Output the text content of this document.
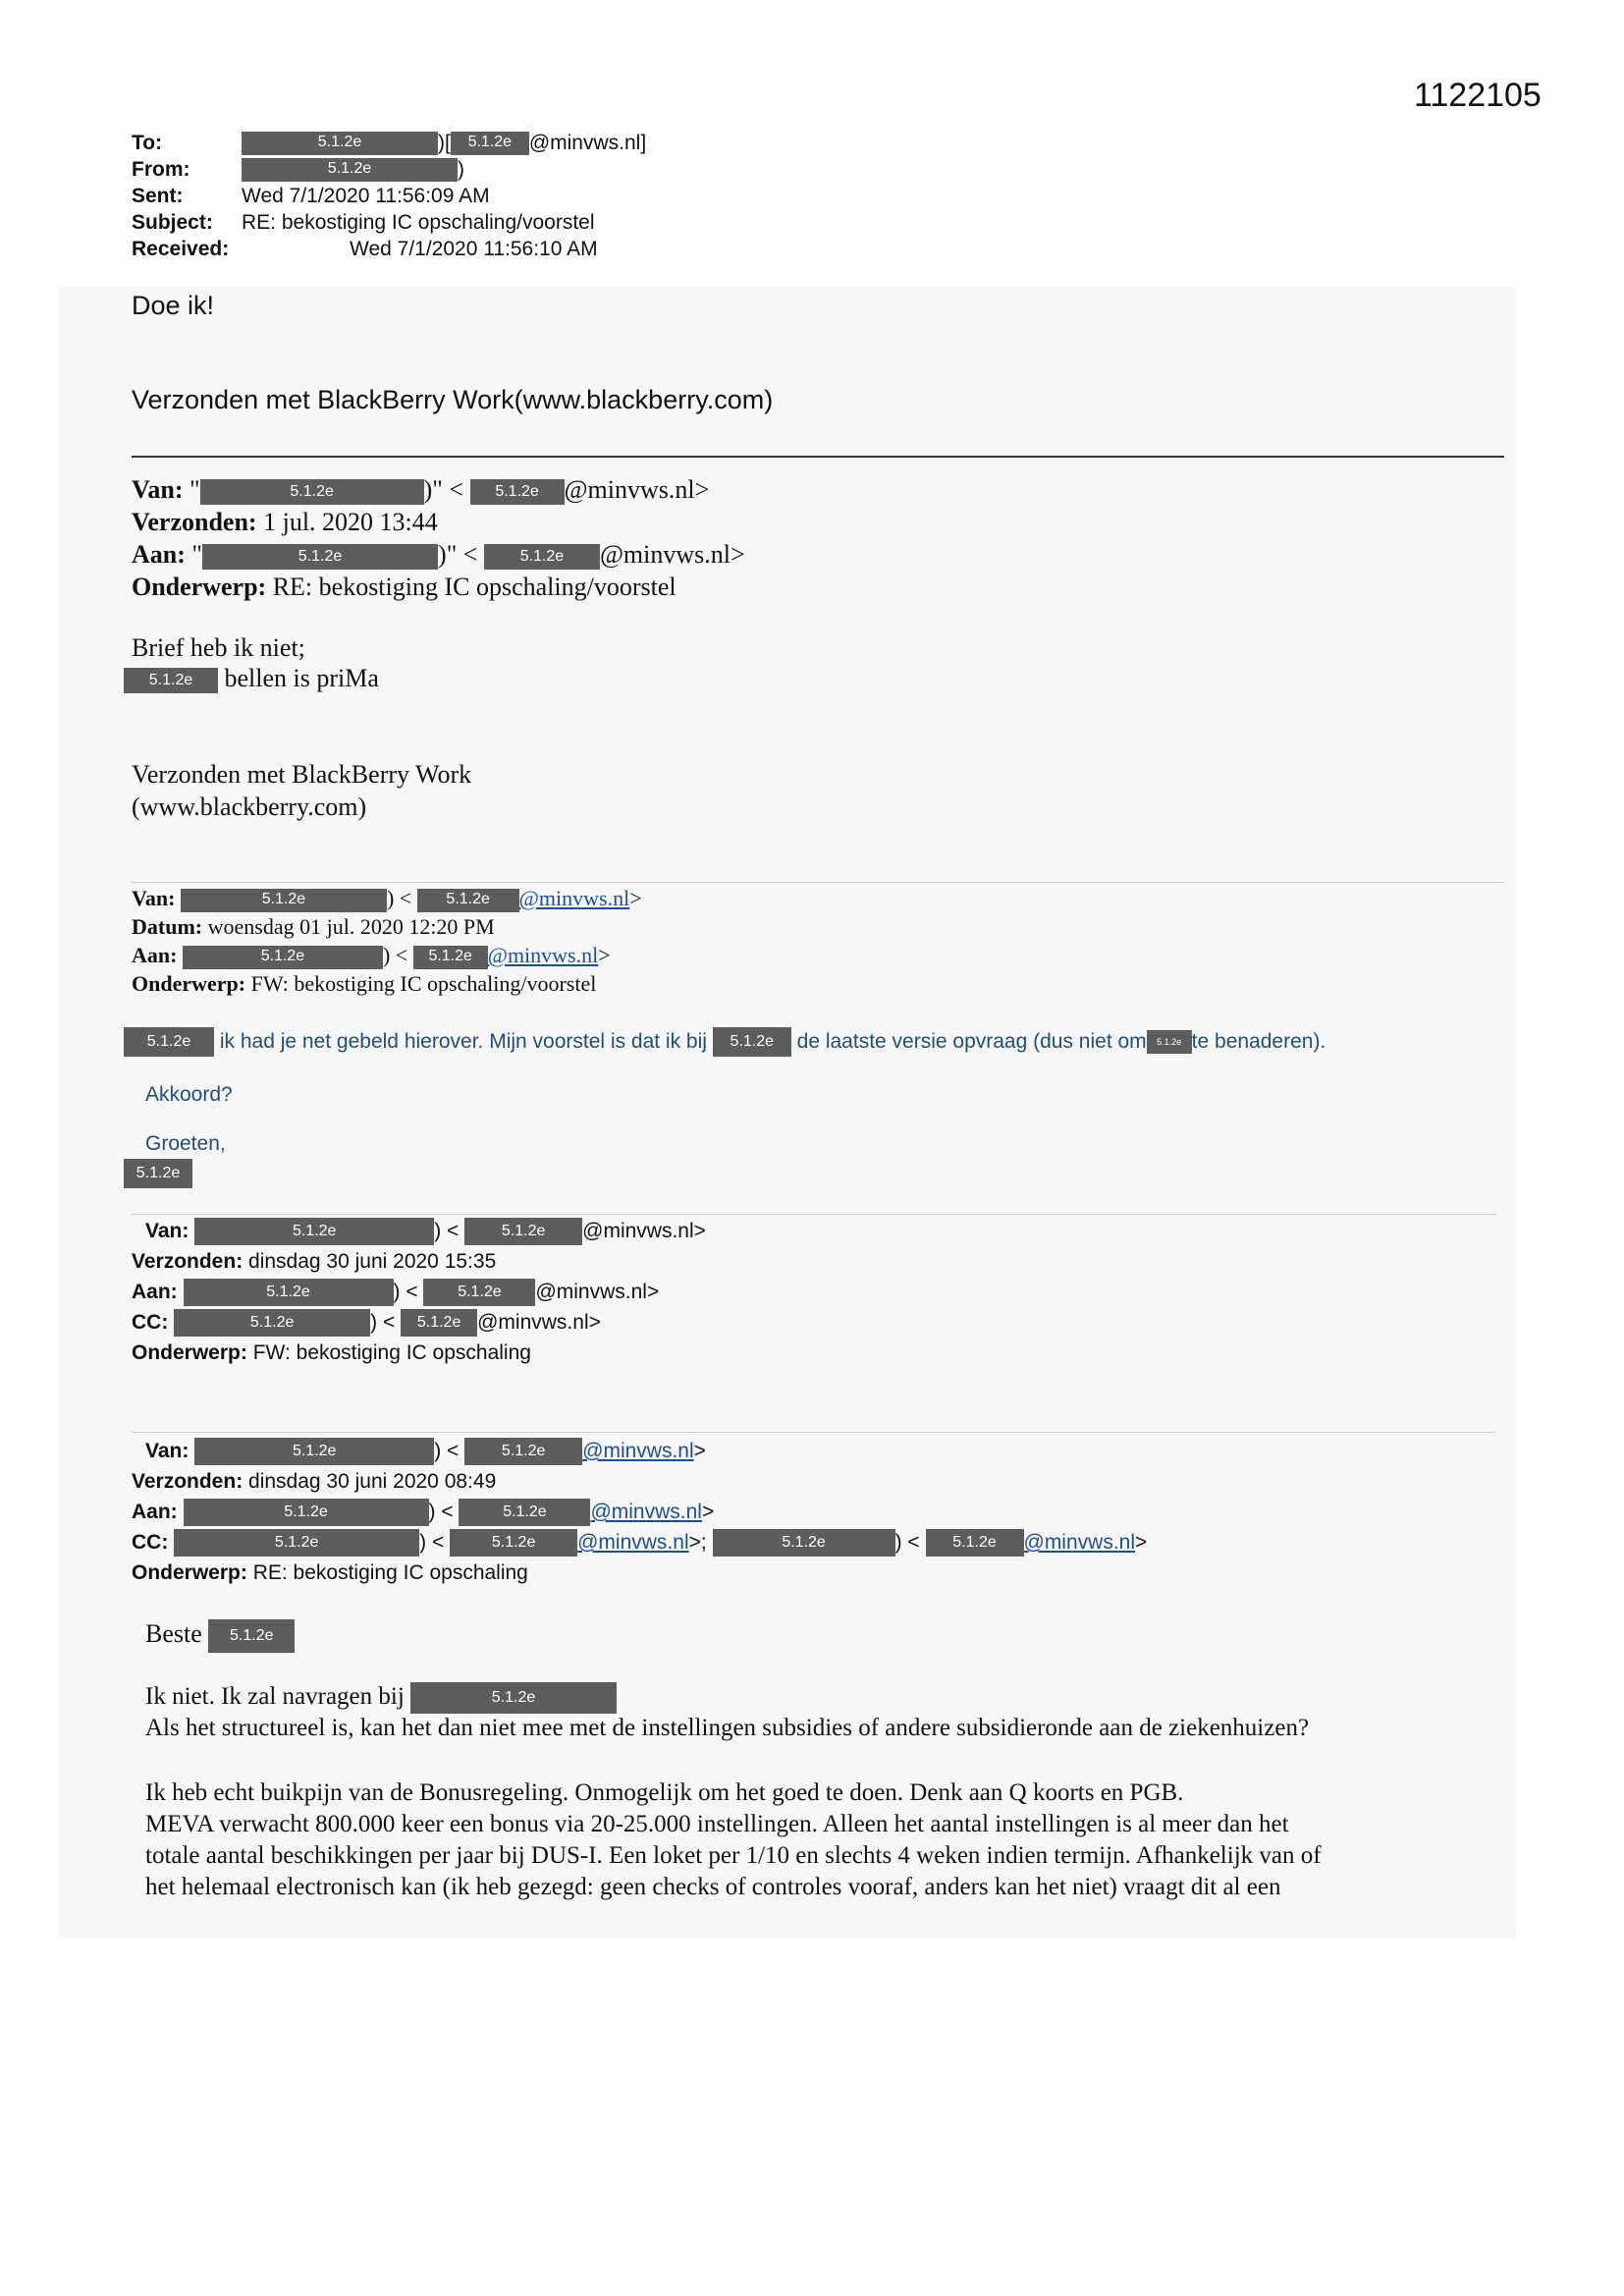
1122105
To:	5.1.2e	)[ 5.1.2e @minvws.nl]
From:	5.1.2e	)
Sent:	Wed 7/1/2020 11:56:09 AM
Subject: RE: bekostiging IC opschaling/voorstel
Received:	Wed 7/1/2020 11:56:10 AM
Doe ik!
Verzonden met BlackBerry Work(www.blackberry.com)
Van: "	5.1.2e	)" < 5.1.2e @minvws.nl>
Verzonden: 1 jul. 2020 13:44
Aan: "	5.1.2e	)" < 5.1.2e @minvws.nl>
Onderwerp: RE: bekostiging IC opschaling/voorstel
Brief heb ik niet;
5.1.2e bellen is priMa
Verzonden met BlackBerry Work
(www.blackberry.com)
Van:	5.1.2e	) < 5.1.2e @minvws.nl>
Datum: woensdag 01 jul. 2020 12:20 PM
Aan:	5.1.2e	) < 5.1.2e @minvws.nl>
Onderwerp: FW: bekostiging IC opschaling/voorstel
5.1.2e ik had je net gebeld hierover. Mijn voorstel is dat ik bij 5.1.2e de laatste versie opvraag (dus niet om 5.1.2e te benaderen).
Akkoord?
Groeten,
5.1.2e
Van:	5.1.2e	) < 5.1.2e @minvws.nl>
Verzonden: dinsdag 30 juni 2020 15:35
Aan:	5.1.2e	) < 5.1.2e @minvws.nl>
CC:	5.1.2e	) < 5.1.2e @minvws.nl>
Onderwerp: FW: bekostiging IC opschaling
Van:	5.1.2e	) < 5.1.2e @minvws.nl>
Verzonden: dinsdag 30 juni 2020 08:49
Aan:	5.1.2e	) <	5.1.2e @minvws.nl>
CC:	5.1.2e	) <	5.1.2e @minvws.nl>;	5.1.2e	) < 5.1.2e @minvws.nl>
Onderwerp: RE: bekostiging IC opschaling
Beste 5.1.2e
Ik niet. Ik zal navragen bij	5.1.2e
Als het structureel is, kan het dan niet mee met de instellingen subsidies of andere subsidieronde aan de ziekenhuizen?
Ik heb echt buikpijn van de Bonusregeling. Onmogelijk om het goed te doen. Denk aan Q koorts en PGB.
MEVA verwacht 800.000 keer een bonus via 20-25.000 instellingen. Alleen het aantal instellingen is al meer dan het
totale aantal beschikkingen per jaar bij DUS-I. Een loket per 1/10 en slechts 4 weken indien termijn. Afhankelijk van of
het helemaal electronisch kan (ik heb gezegd: geen checks of controles vooraf, anders kan het niet) vraagt dit al een
